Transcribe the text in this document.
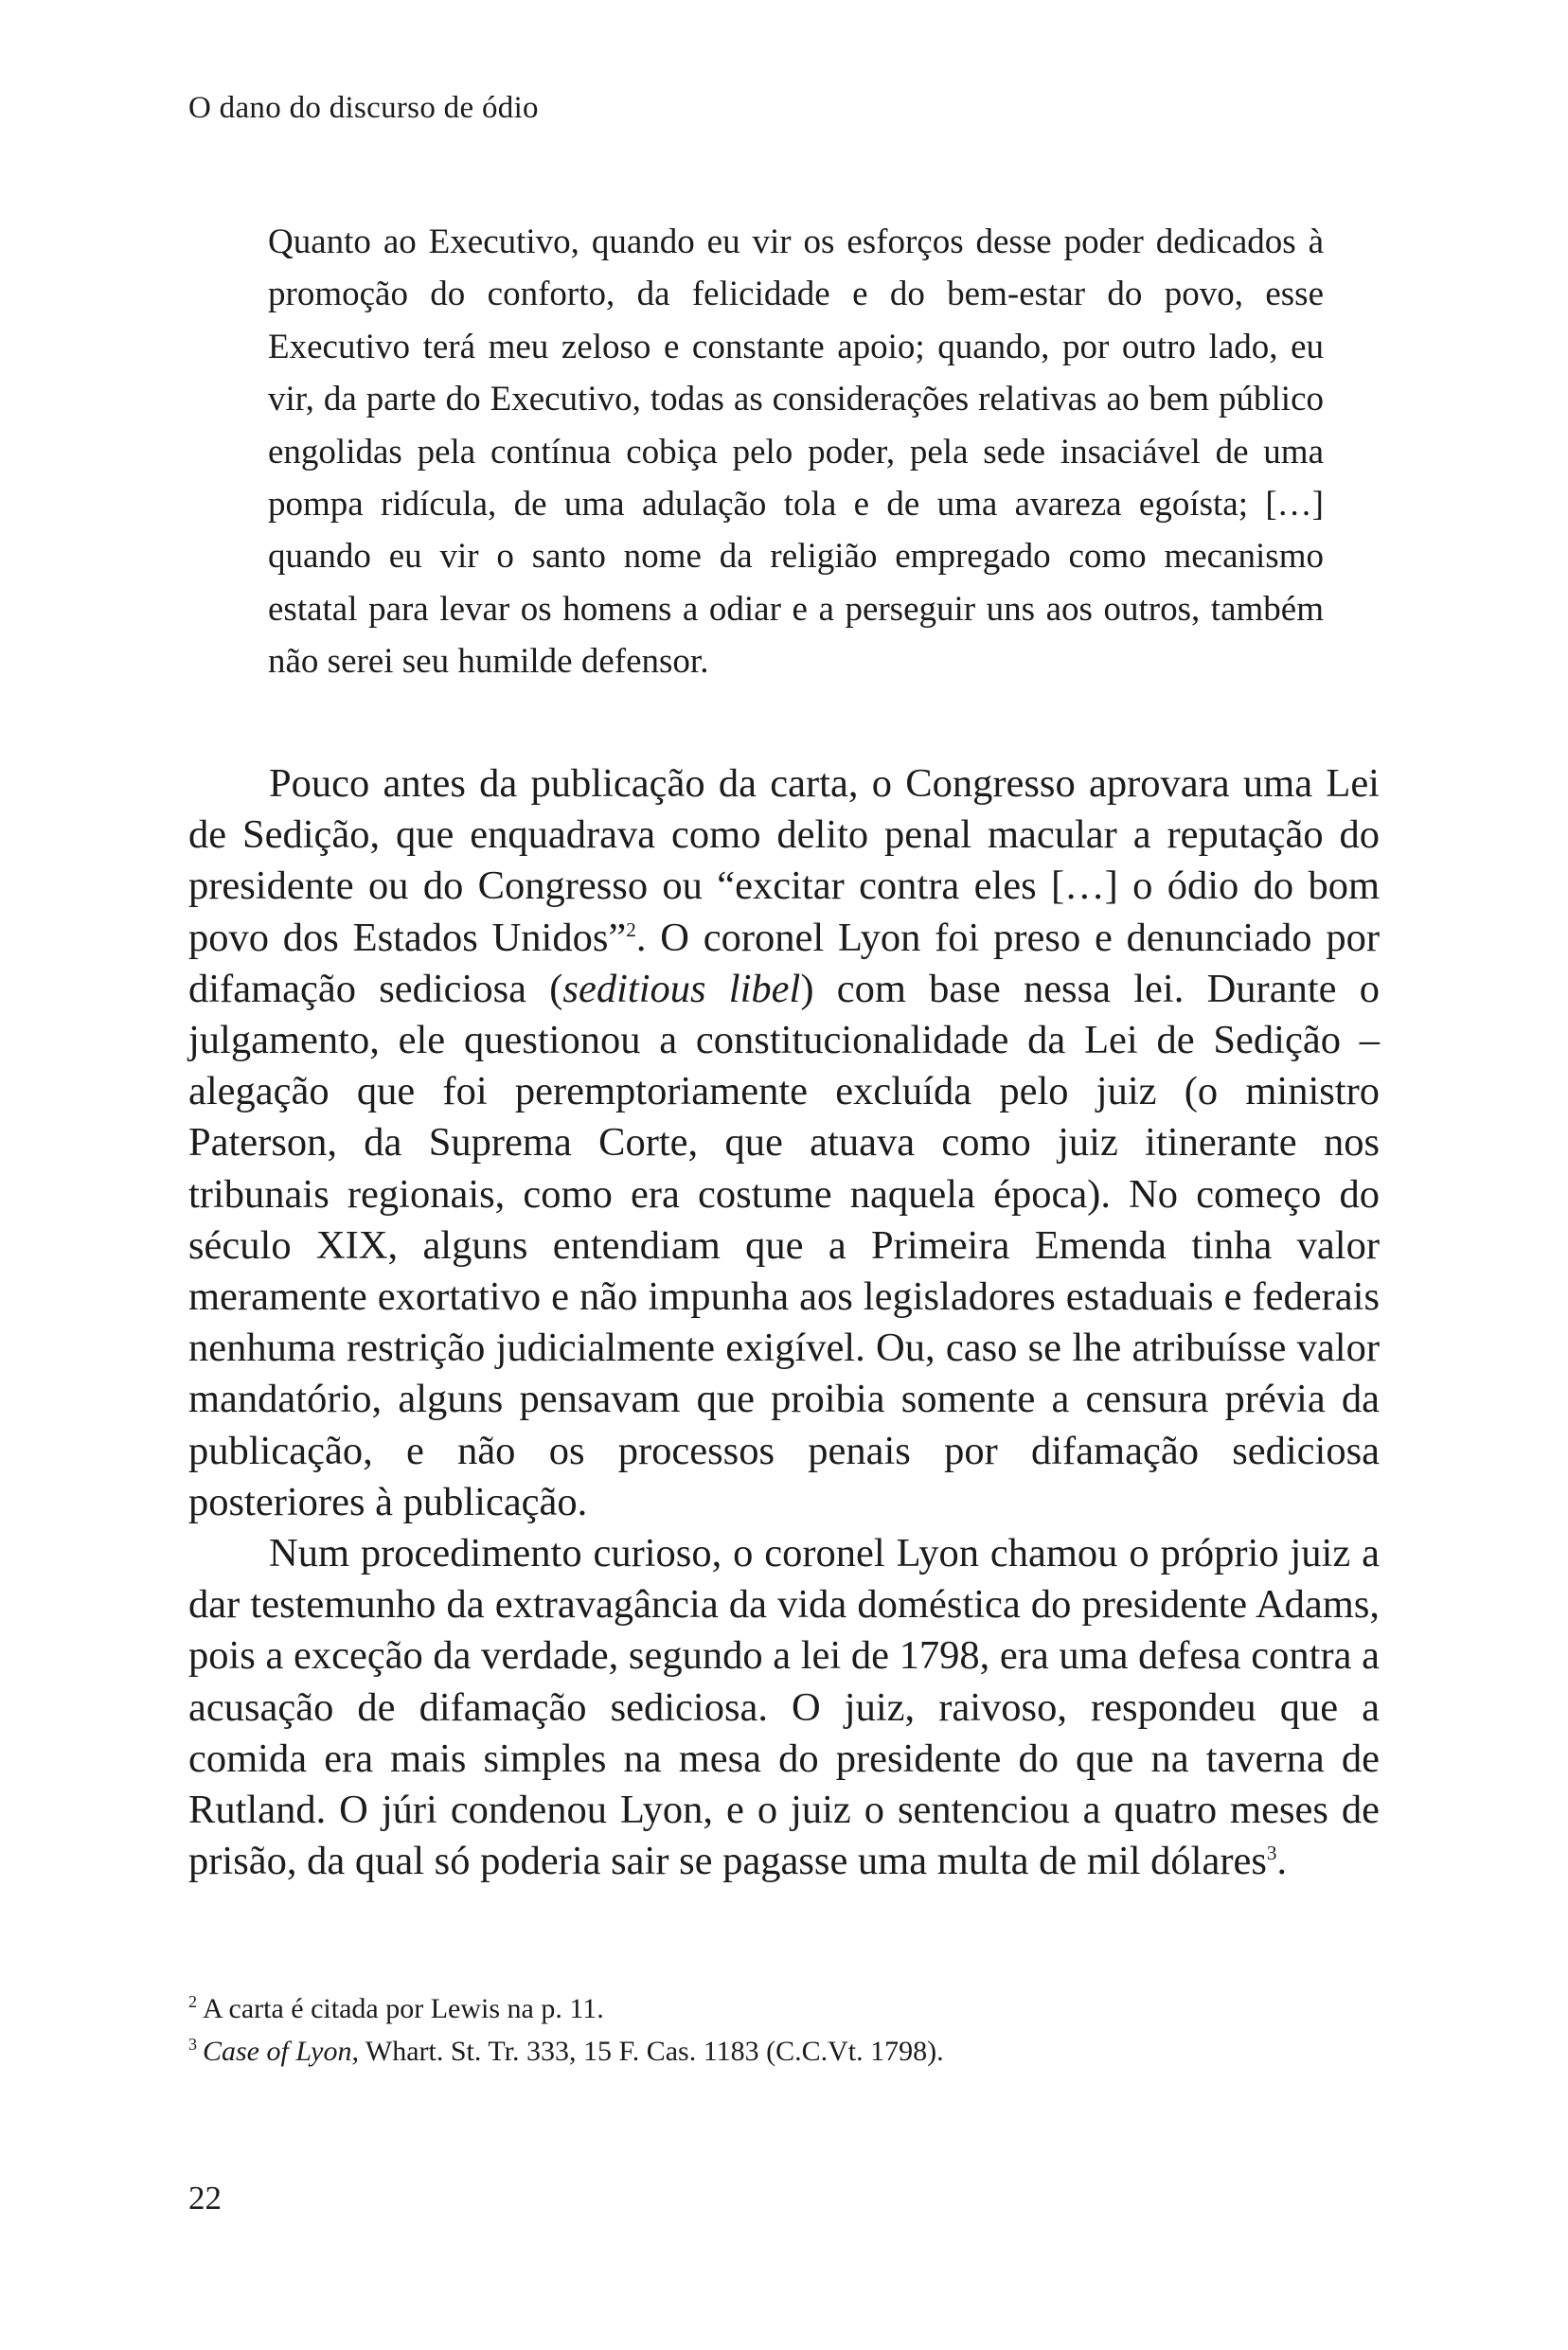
O dano do discurso de ódio

Quanto ao Executivo, quando eu vir os esforços desse poder dedicados à promoção do conforto, da felicidade e do bem-estar do povo, esse Executivo terá meu zeloso e constante apoio; quando, por outro lado, eu vir, da parte do Executivo, todas as considerações relativas ao bem público engolidas pela contínua cobiça pelo poder, pela sede insaciável de uma pompa ridícula, de uma adulação tola e de uma avareza egoísta; […] quando eu vir o santo nome da religião empregado como mecanismo estatal para levar os homens a odiar e a perseguir uns aos outros, também não serei seu humilde defensor.

Pouco antes da publicação da carta, o Congresso aprovara uma Lei de Sedição, que enquadrava como delito penal macular a reputação do presidente ou do Congresso ou “excitar contra eles […] o ódio do bom povo dos Estados Unidos”$^2$. O coronel Lyon foi preso e denunciado por difamação sediciosa (seditious libel) com base nessa lei. Durante o julgamento, ele questionou a constitucionalidade da Lei de Sedição – alegação que foi peremptoriamente excluída pelo juiz (o ministro Paterson, da Suprema Corte, que atuava como juiz itinerante nos tribunais regionais, como era costume naquela época). No começo do século XIX, alguns entendiam que a Primeira Emenda tinha valor meramente exortativo e não impunha aos legisladores estaduais e federais nenhuma restrição judicialmente exigível. Ou, caso se lhe atribuísse valor mandatório, alguns pensavam que proibia somente a censura prévia da publicação, e não os processos penais por difamação sediciosa posteriores à publicação.

Num procedimento curioso, o coronel Lyon chamou o próprio juiz a dar testemunho da extravagância da vida doméstica do presidente Adams, pois a exceção da verdade, segundo a lei de 1798, era uma defesa contra a acusação de difamação sediciosa. O juiz, raivoso, respondeu que a comida era mais simples na mesa do presidente do que na taverna de Rutland. O júri condenou Lyon, e o juiz o sentenciou a quatro meses de prisão, da qual só poderia sair se pagasse uma multa de mil dólares$^3$.

$^2$ A carta é citada por Lewis na p. 11.

$^3$ Case of Lyon, Whart. St. Tr. 333, 15 F. Cas. 1183 (C.C.Vt. 1798).

22
